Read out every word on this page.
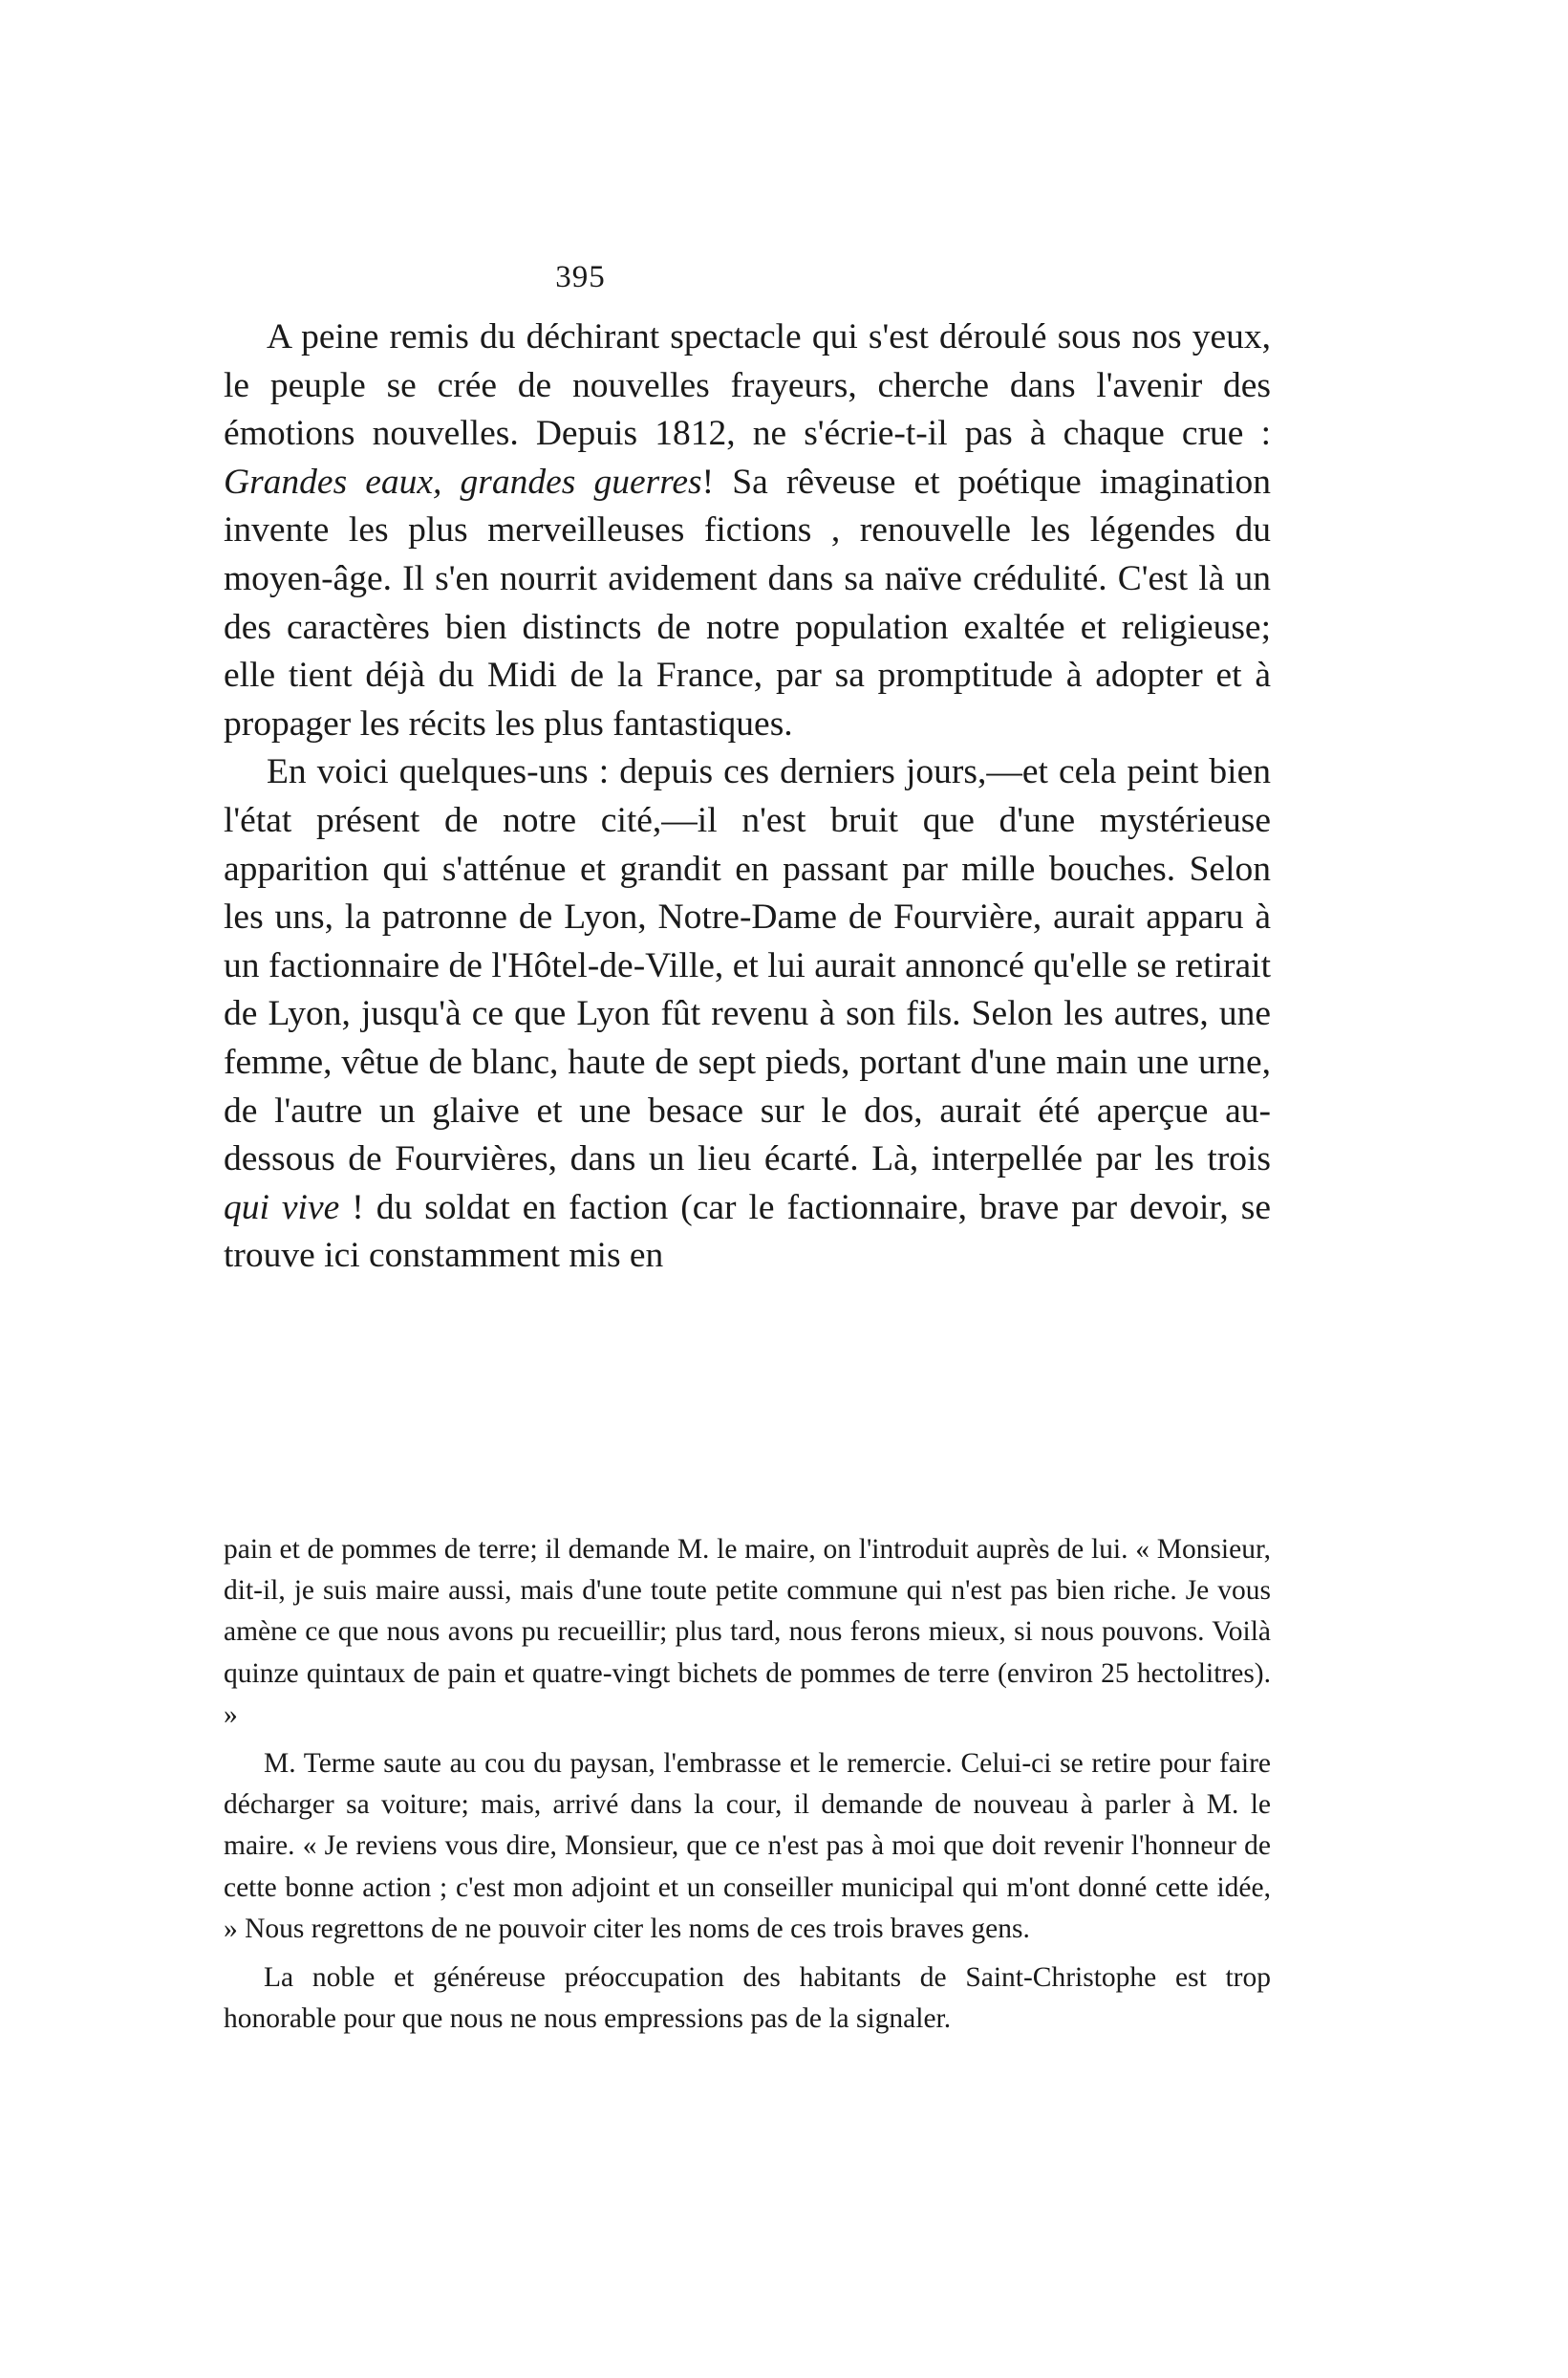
395

A peine remis du déchirant spectacle qui s'est déroulé sous nos yeux, le peuple se crée de nouvelles frayeurs, cherche dans l'avenir des émotions nouvelles. Depuis 1812, ne s'écrie-t-il pas à chaque crue : Grandes eaux, grandes guerres! Sa rêveuse et poétique imagination invente les plus merveilleuses fictions , renouvelle les légendes du moyen-âge. Il s'en nourrit avidement dans sa naïve crédulité. C'est là un des caractères bien distincts de notre population exaltée et religieuse; elle tient déjà du Midi de la France, par sa promptitude à adopter et à propager les récits les plus fantastiques.

En voici quelques-uns : depuis ces derniers jours,—et cela peint bien l'état présent de notre cité,—il n'est bruit que d'une mystérieuse apparition qui s'atténue et grandit en passant par mille bouches. Selon les uns, la patronne de Lyon, Notre-Dame de Fourvière, aurait apparu à un factionnaire de l'Hôtel-de-Ville, et lui aurait annoncé qu'elle se retirait de Lyon, jusqu'à ce que Lyon fût revenu à son fils. Selon les autres, une femme, vêtue de blanc, haute de sept pieds, portant d'une main une urne, de l'autre un glaive et une besace sur le dos, aurait été aperçue au-dessous de Fourvières, dans un lieu écarté. Là, interpellée par les trois qui vive ! du soldat en faction (car le factionnaire, brave par devoir, se trouve ici constamment mis en

pain et de pommes de terre; il demande M. le maire, on l'introduit auprès de lui. « Monsieur, dit-il, je suis maire aussi, mais d'une toute petite commune qui n'est pas bien riche. Je vous amène ce que nous avons pu recueillir; plus tard, nous ferons mieux, si nous pouvons. Voilà quinze quintaux de pain et quatre-vingt bichets de pommes de terre (environ 25 hectolitres). »

M. Terme saute au cou du paysan, l'embrasse et le remercie. Celui-ci se retire pour faire décharger sa voiture; mais, arrivé dans la cour, il demande de nouveau à parler à M. le maire. « Je reviens vous dire, Monsieur, que ce n'est pas à moi que doit revenir l'honneur de cette bonne action ; c'est mon adjoint et un conseiller municipal qui m'ont donné cette idée, » Nous regrettons de ne pouvoir citer les noms de ces trois braves gens.

La noble et généreuse préoccupation des habitants de Saint-Christophe est trop honorable pour que nous ne nous empressions pas de la signaler.
